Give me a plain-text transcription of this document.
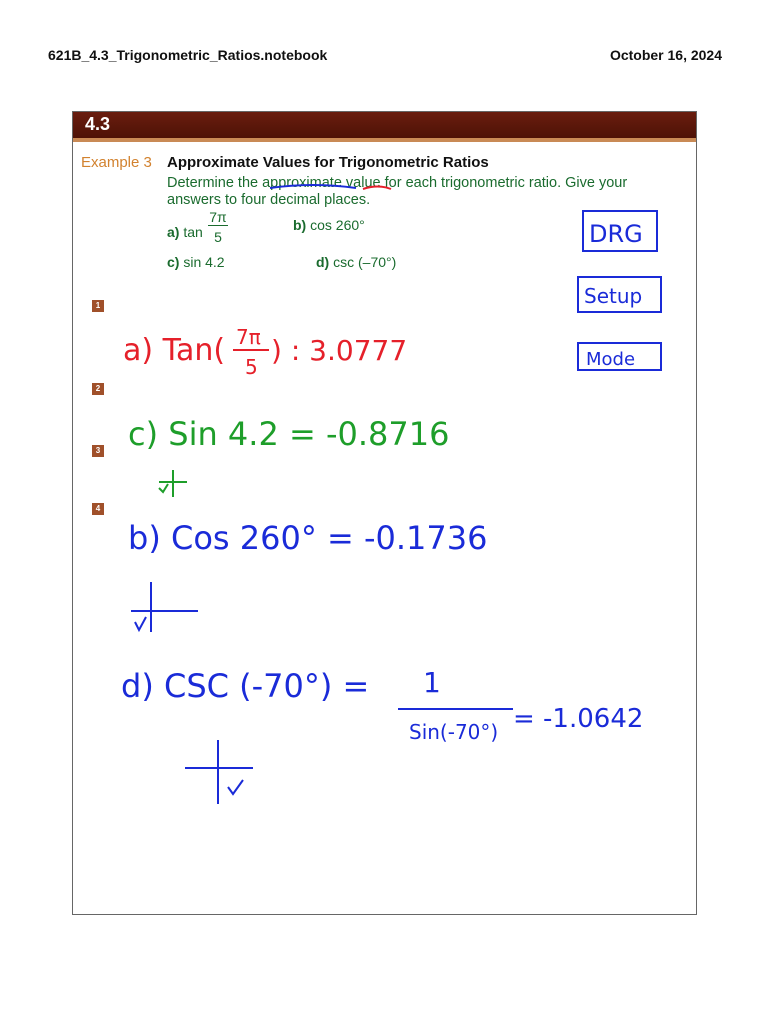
621B_4.3_Trigonometric_Ratios.notebook	October 16, 2024
4.3
Example 3 Approximate Values for Trigonometric Ratios
Determine the approximate value for each trigonometric ratio. Give your
answers to four decimal places.
a) tan
7π
5
b) cos 260°
c) sin 4.2	d) csc (–70°)
1
2
3
4
DRG
Setup
Mode
a) Tan( 7π
5 ) : 3.0777
c) Sin 4.2 = -0.8716
b) Cos 260° = -0.1736
d) CSC (-70°) = 1
Sin(-70°) = -1.0642
